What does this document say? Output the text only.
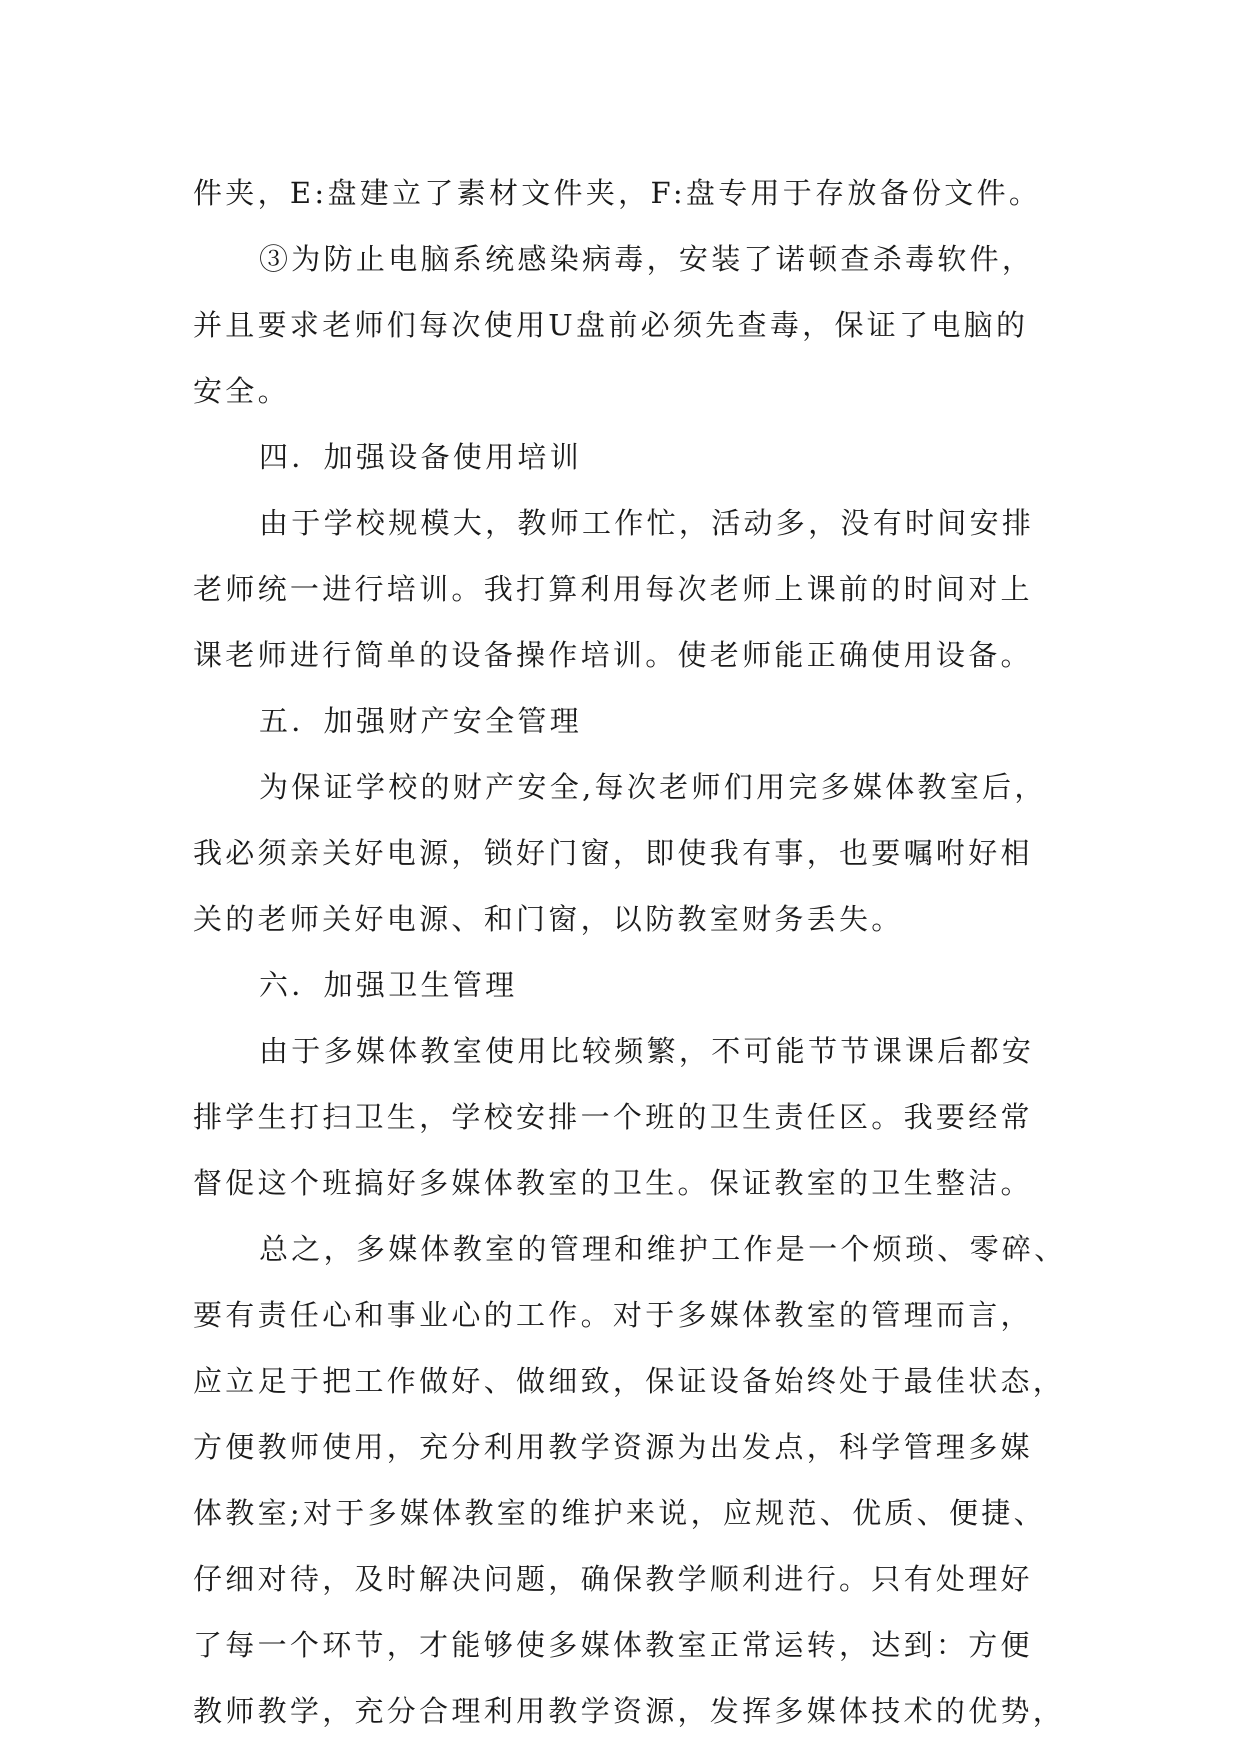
件夹，E:盘建立了素材文件夹，F:盘专用于存放备份文件。
③为防止电脑系统感染病毒，安装了诺顿查杀毒软件，
并且要求老师们每次使用U盘前必须先查毒，保证了电脑的
安全。
四．加强设备使用培训
由于学校规模大，教师工作忙，活动多，没有时间安排
老师统一进行培训。我打算利用每次老师上课前的时间对上
课老师进行简单的设备操作培训。使老师能正确使用设备。
五．加强财产安全管理
为保证学校的财产安全,每次老师们用完多媒体教室后，
我必须亲关好电源，锁好门窗，即使我有事，也要嘱咐好相
关的老师关好电源、和门窗，以防教室财务丢失。
六．加强卫生管理
由于多媒体教室使用比较频繁，不可能节节课课后都安
排学生打扫卫生，学校安排一个班的卫生责任区。我要经常
督促这个班搞好多媒体教室的卫生。保证教室的卫生整洁。
总之，多媒体教室的管理和维护工作是一个烦琐、零碎、
要有责任心和事业心的工作。对于多媒体教室的管理而言，
应立足于把工作做好、做细致，保证设备始终处于最佳状态，
方便教师使用，充分利用教学资源为出发点，科学管理多媒
体教室;对于多媒体教室的维护来说，应规范、优质、便捷、
仔细对待，及时解决问题，确保教学顺利进行。只有处理好
了每一个环节，才能够使多媒体教室正常运转，达到：方便
教师教学，充分合理利用教学资源，发挥多媒体技术的优势，
